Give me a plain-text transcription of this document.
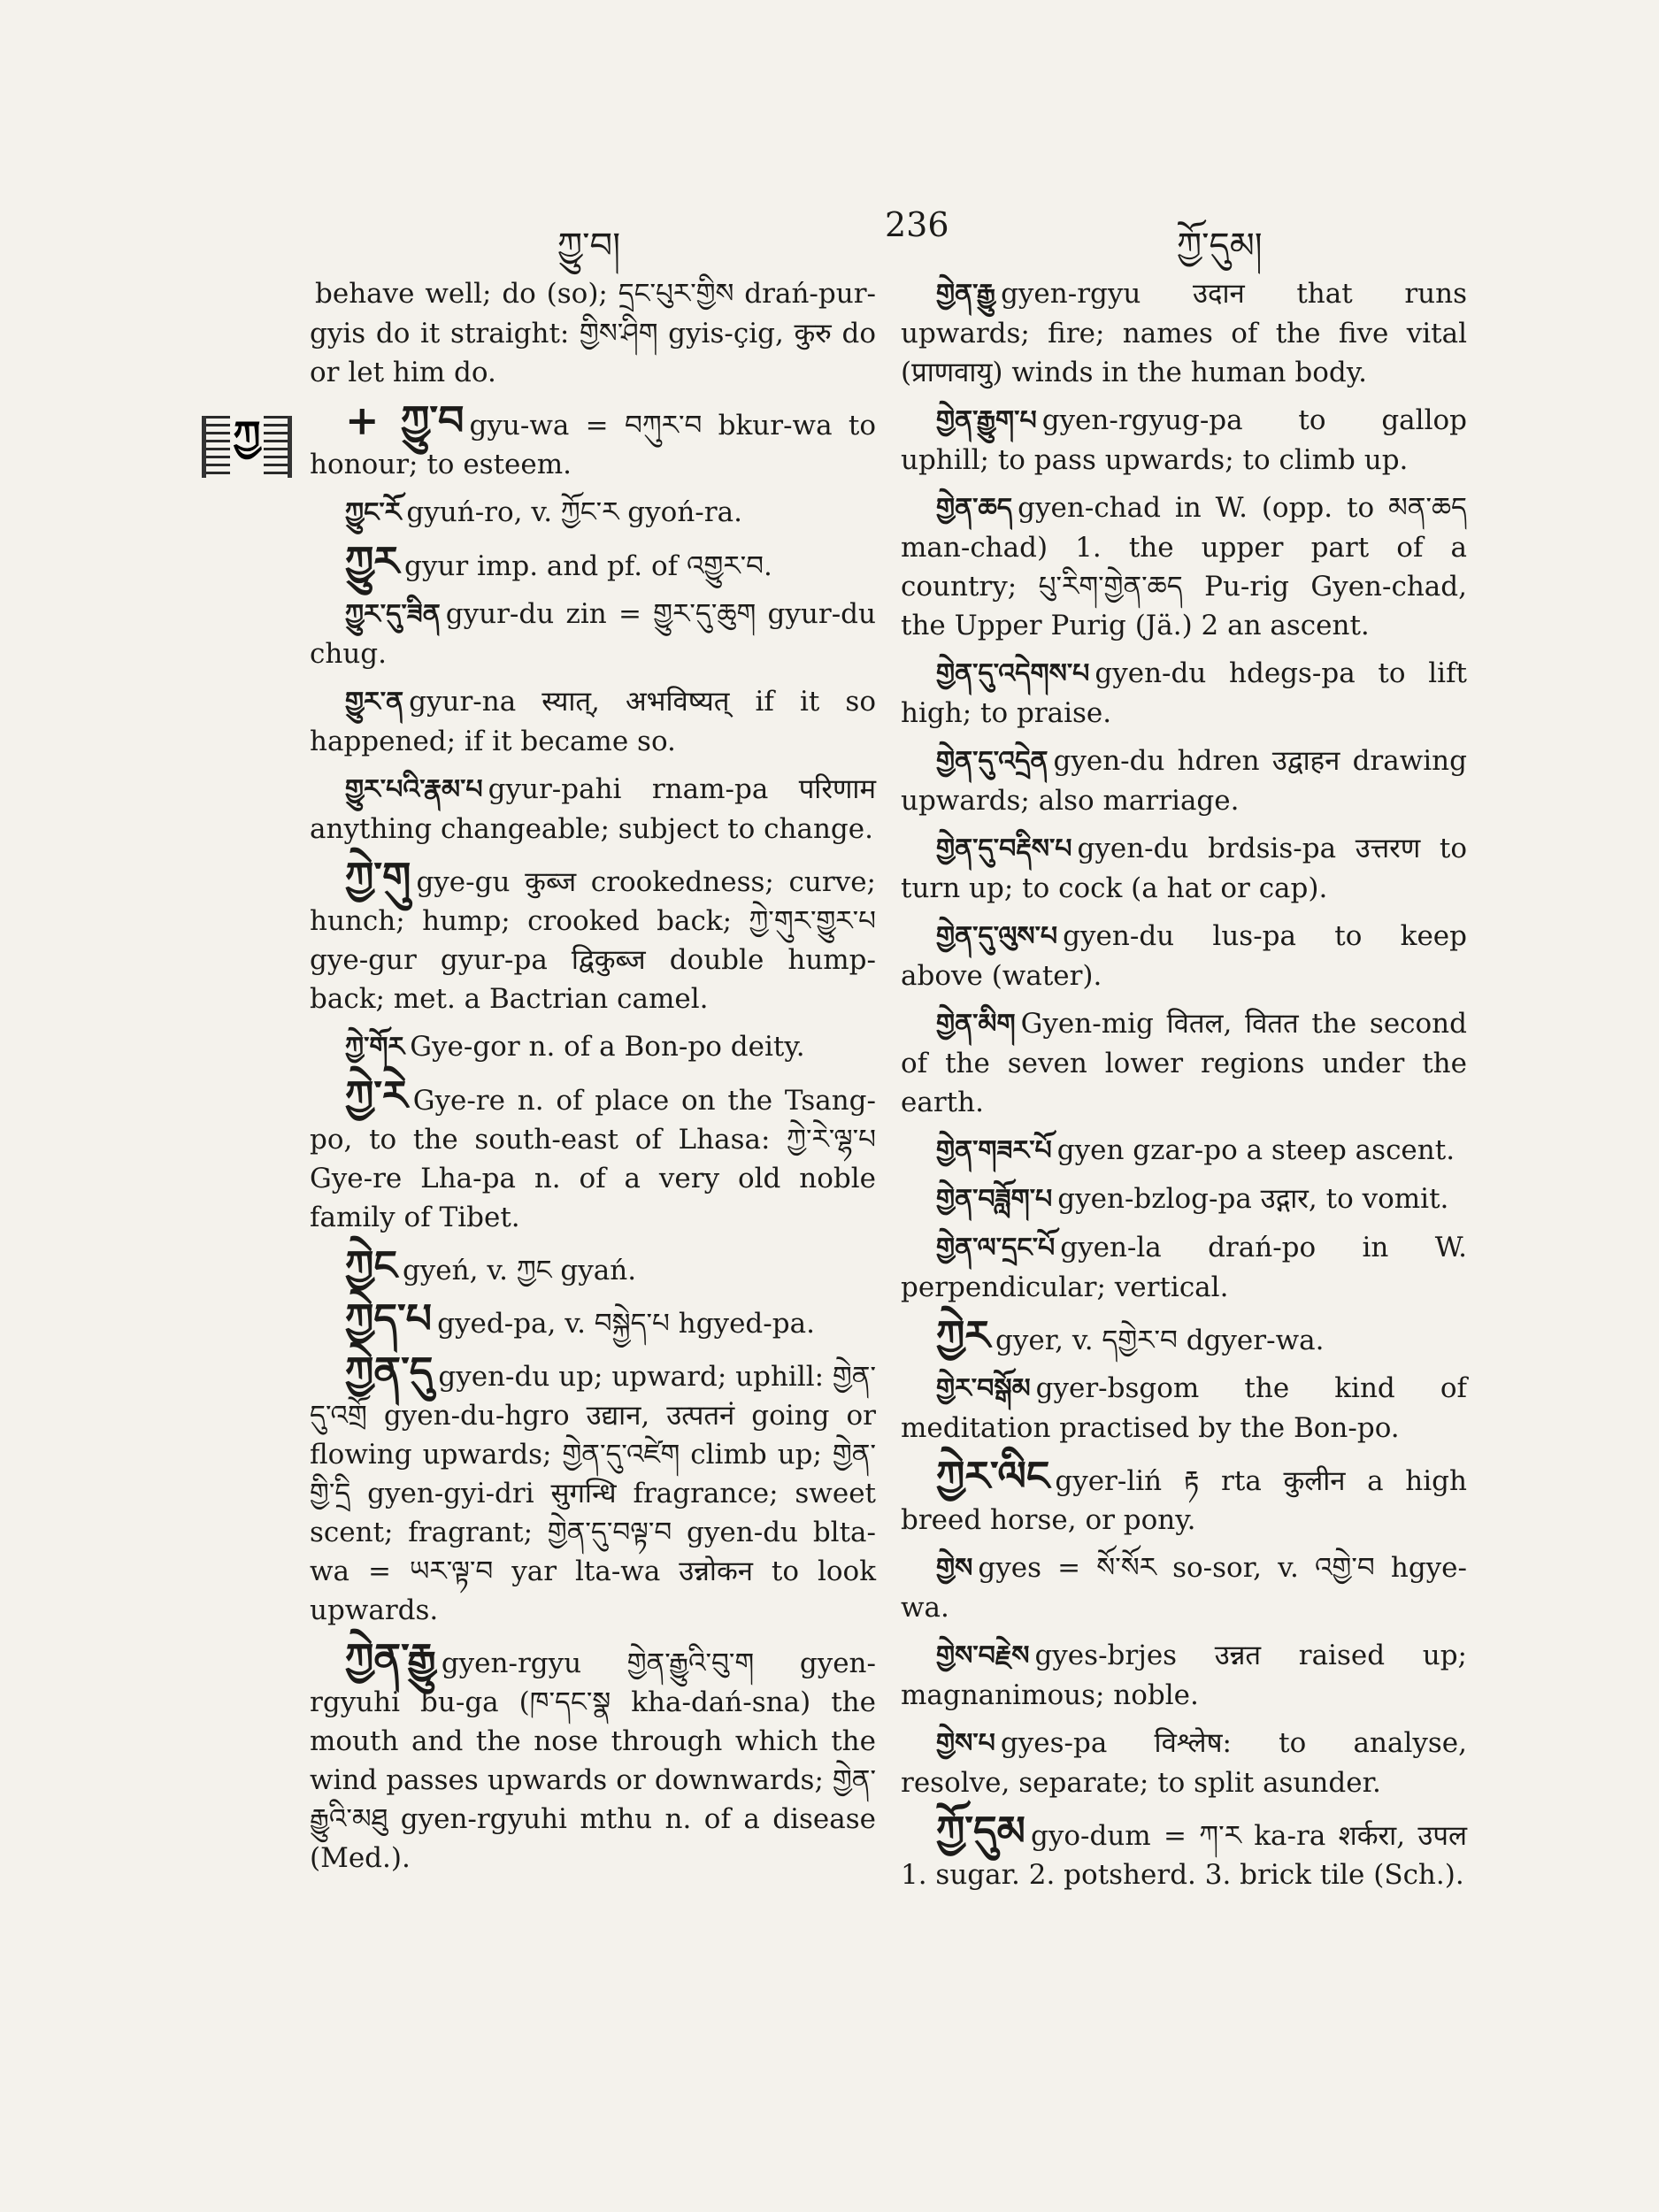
ཀྱུ་བ།
236
ཀྱོ་དུམ།
ཀྱ

behave well; do (so); དྲང་པུར་གྱིས drań-pur-gyis do it straight: གྱིས་ཤིག gyis-çig, कुरु do or let him do.

+ ཀྱུ་བ gyu-wa = བཀུར་བ bkur-wa to honour; to esteem.

ཀྱུང་རོ gyuń-ro, v. ཀྱོང་ར gyoń-ra.

ཀྱུར gyur imp. and pf. of འགྱུར་བ.

ཀྱུར་དུ་ཟིན gyur-du zin = གྱུར་དུ་ཆུག gyur-du chug.

གྱུར་ན gyur-na स्यात्, अभविष्यत् if it so happened; if it became so.

གྱུར་པའི་རྣམ་པ gyur-pahi rnam-pa परिणाम anything changeable; subject to change.

ཀྱེ་གུ gye-gu कुब्ज crookedness; curve; hunch; hump; crooked back; ཀྱེ་གུར་གྱུར་པ gye-gur gyur-pa द्विकुब्ज double hump-back; met. a Bactrian camel.

ཀྱེ་གོར Gye-gor n. of a Bon-po deity.

ཀྱེ་རེ Gye-re n. of place on the Tsang-po, to the south-east of Lhasa: ཀྱེ་རེ་ལྷ་པ Gye-re Lha-pa n. of a very old noble family of Tibet.

ཀྱེང gyeń, v. ཀྱང gyań.

ཀྱེད་པ gyed-pa, v. བསྐྱེད་པ hgyed-pa.

ཀྱེན་དུ gyen-du up; upward; uphill: གྱེན་དུ་འགྲོ gyen-du-hgro उद्यान, उत्पतनं going or flowing upwards; གྱེན་དུ་འཛེག climb up; གྱེན་གྱི་དྲི gyen-gyi-dri सुगन्धि fragrance; sweet scent; fragrant; གྱེན་དུ་བལྟ་བ gyen-du blta-wa = ཡར་ལྟ་བ yar lta-wa उन्नोकन to look upwards.

ཀྱེན་རྒྱུ gyen-rgyu གྱེན་རྒྱུའི་བུ་ག gyen-rgyuhi bu-ga (ཁ་དང་སྣ kha-dań-sna) the mouth and the nose through which the wind passes upwards or downwards; གྱེན་རྒྱུའི་མཐུ gyen-rgyuhi mthu n. of a disease (Med.).

གྱེན་རྒྱུ gyen-rgyu उदान that runs upwards; fire; names of the five vital (प्राणवायु) winds in the human body.

གྱེན་རྒྱུག་པ gyen-rgyug-pa to gallop uphill; to pass upwards; to climb up.

གྱེན་ཆད gyen-chad in W. (opp. to མན་ཆད man-chad) 1. the upper part of a country; པུ་རིག་གྱེན་ཆད Pu-rig Gyen-chad, the Upper Purig (Jä.) 2 an ascent.

གྱེན་དུ་འདེགས་པ gyen-du hdegs-pa to lift high; to praise.

གྱེན་དུ་འདྲེན gyen-du hdren उद्वाहन drawing upwards; also marriage.

གྱེན་དུ་བརྡིས་པ gyen-du brdsis-pa उत्तरण to turn up; to cock (a hat or cap).

གྱེན་དུ་ལུས་པ gyen-du lus-pa to keep above (water).

གྱེན་མིག Gyen-mig वितल, वितत the second of the seven lower regions under the earth.

གྱེན་གཟར་པོ gyen gzar-po a steep ascent.

གྱེན་བཟློག་པ gyen-bzlog-pa उद्गार, to vomit.

གྱེན་ལ་དྲང་པོ gyen-la drań-po in W. perpendicular; vertical.

ཀྱེར gyer, v. དགྱེར་བ dgyer-wa.

གྱེར་བསྒོམ gyer-bsgom the kind of meditation practised by the Bon-po.

ཀྱེར་ལིང gyer-liń རྟ rta कुलीन a high breed horse, or pony.

གྱེས gyes = སོ་སོར so-sor, v. འགྱེ་བ hgye-wa.

གྱེས་བརྗེས gyes-brjes उन्नत raised up; magnanimous; noble.

གྱེས་པ gyes-pa विश्लेष: to analyse, resolve, separate; to split asunder.

ཀྱོ་དུམ gyo-dum = ཀ་ར ka-ra शर्करा, उपल 1. sugar. 2. potsherd. 3. brick tile (Sch.).
